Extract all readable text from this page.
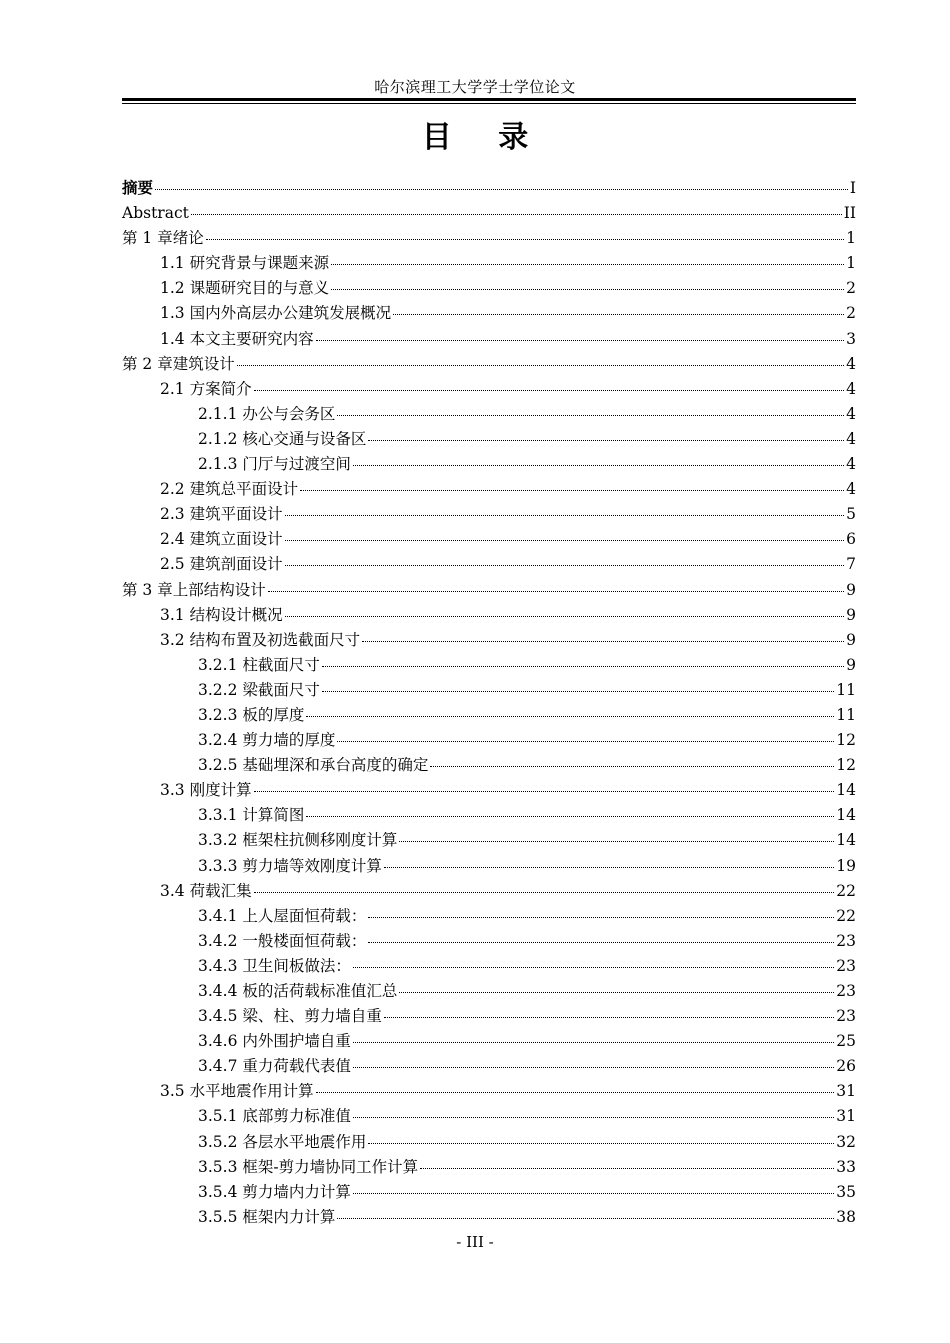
哈尔滨理工大学学士学位论文
目 录
摘要	I
Abstract	II
第 1 章绪论	1
1.1 研究背景与课题来源	1
1.2 课题研究目的与意义	2
1.3 国内外高层办公建筑发展概况	2
1.4 本文主要研究内容	3
第 2 章建筑设计	4
2.1 方案简介	4
2.1.1 办公与会务区	4
2.1.2 核心交通与设备区	4
2.1.3 门厅与过渡空间	4
2.2 建筑总平面设计	4
2.3 建筑平面设计	5
2.4 建筑立面设计	6
2.5 建筑剖面设计	7
第 3 章上部结构设计	9
3.1 结构设计概况	9
3.2 结构布置及初选截面尺寸	9
3.2.1 柱截面尺寸	9
3.2.2 梁截面尺寸	11
3.2.3 板的厚度	11
3.2.4 剪力墙的厚度	12
3.2.5 基础埋深和承台高度的确定	12
3.3 刚度计算	14
3.3.1 计算简图	14
3.3.2 框架柱抗侧移刚度计算	14
3.3.3 剪力墙等效刚度计算	19
3.4 荷载汇集	22
3.4.1 上人屋面恒荷载：	22
3.4.2 一般楼面恒荷载：	23
3.4.3 卫生间板做法：	23
3.4.4 板的活荷载标准值汇总	23
3.4.5 梁、柱、剪力墙自重	23
3.4.6 内外围护墙自重	25
3.4.7 重力荷载代表值	26
3.5 水平地震作用计算	31
3.5.1 底部剪力标准值	31
3.5.2 各层水平地震作用	32
3.5.3 框架-剪力墙协同工作计算	33
3.5.4 剪力墙内力计算	35
3.5.5 框架内力计算	38
- III -
